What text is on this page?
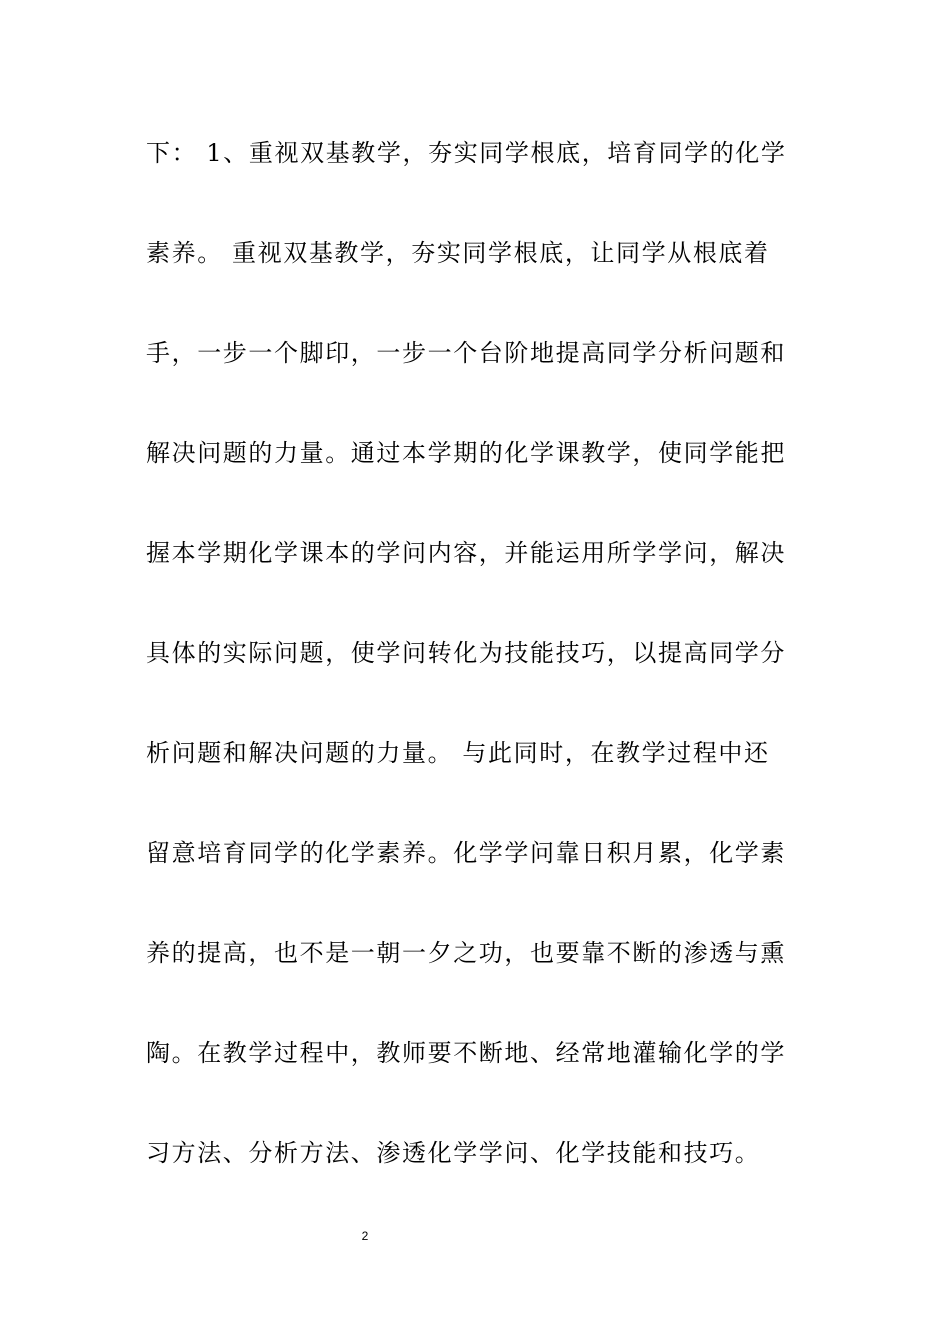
下： 1、重视双基教学，夯实同学根底，培育同学的化学
素养。 重视双基教学，夯实同学根底，让同学从根底着
手，一步一个脚印，一步一个台阶地提高同学分析问题和
解决问题的力量。通过本学期的化学课教学，使同学能把
握本学期化学课本的学问内容，并能运用所学学问，解决
具体的实际问题，使学问转化为技能技巧，以提高同学分
析问题和解决问题的力量。 与此同时，在教学过程中还
留意培育同学的化学素养。化学学问靠日积月累，化学素
养的提高，也不是一朝一夕之功，也要靠不断的渗透与熏
陶。在教学过程中，教师要不断地、经常地灌输化学的学
习方法、分析方法、渗透化学学问、化学技能和技巧。
2
